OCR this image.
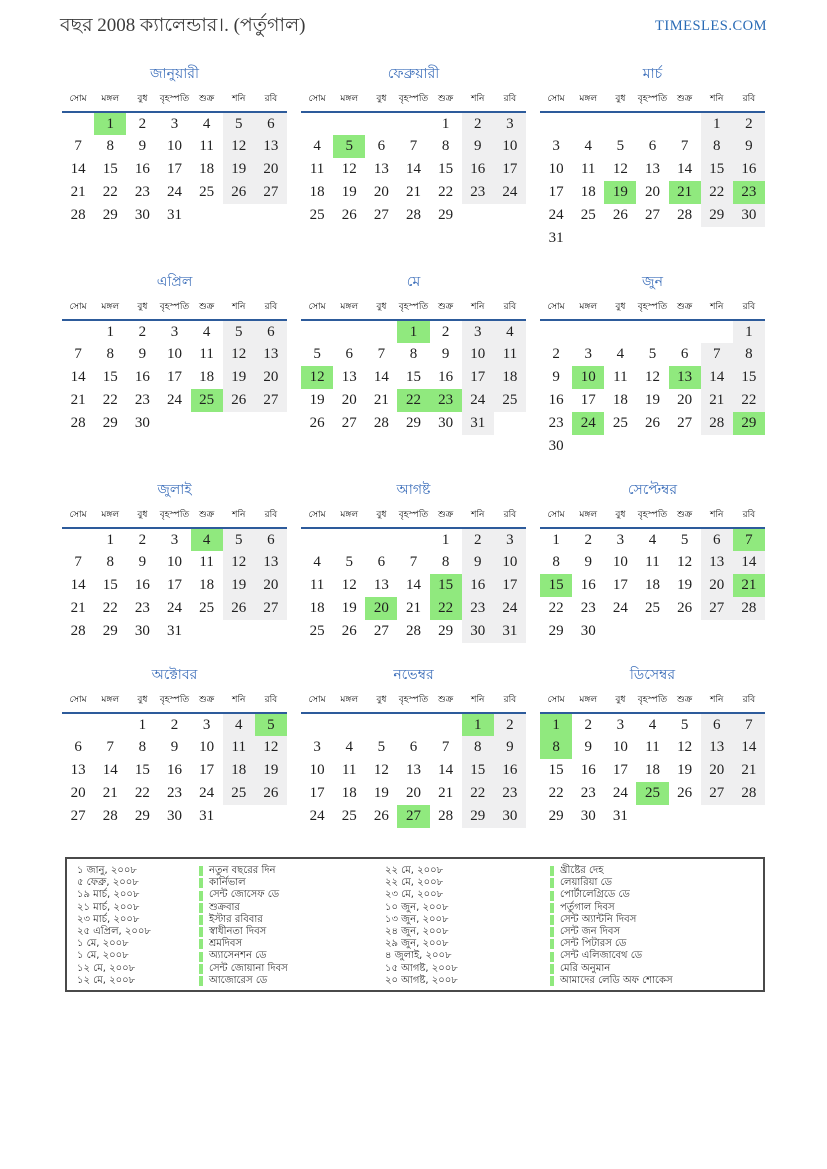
বছর 2008 ক্যালেন্ডার।. (পর্তুগাল)	TIMESLES.COM
জানুয়ারী
সোম	মঙ্গল	বুধ	বৃহস্পতি	শুক্র	শনি	রবি
	1	2	3	4	5	6
7	8	9	10	11	12	13
14	15	16	17	18	19	20
21	22	23	24	25	26	27
28	29	30	31			
ফেব্রুয়ারী
সোম	মঙ্গল	বুধ	বৃহস্পতি	শুক্র	শনি	রবি
				1	2	3
4	5	6	7	8	9	10
11	12	13	14	15	16	17
18	19	20	21	22	23	24
25	26	27	28	29		
মার্চ
সোম	মঙ্গল	বুধ	বৃহস্পতি	শুক্র	শনি	রবি
					1	2
3	4	5	6	7	8	9
10	11	12	13	14	15	16
17	18	19	20	21	22	23
24	25	26	27	28	29	30
31						
এপ্রিল
সোম	মঙ্গল	বুধ	বৃহস্পতি	শুক্র	শনি	রবি
	1	2	3	4	5	6
7	8	9	10	11	12	13
14	15	16	17	18	19	20
21	22	23	24	25	26	27
28	29	30				
মে
সোম	মঙ্গল	বুধ	বৃহস্পতি	শুক্র	শনি	রবি
			1	2	3	4
5	6	7	8	9	10	11
12	13	14	15	16	17	18
19	20	21	22	23	24	25
26	27	28	29	30	31	
জুন
সোম	মঙ্গল	বুধ	বৃহস্পতি	শুক্র	শনি	রবি
						1
2	3	4	5	6	7	8
9	10	11	12	13	14	15
16	17	18	19	20	21	22
23	24	25	26	27	28	29
30						
জুলাই
সোম	মঙ্গল	বুধ	বৃহস্পতি	শুক্র	শনি	রবি
	1	2	3	4	5	6
7	8	9	10	11	12	13
14	15	16	17	18	19	20
21	22	23	24	25	26	27
28	29	30	31			
আগষ্ট
সোম	মঙ্গল	বুধ	বৃহস্পতি	শুক্র	শনি	রবি
				1	2	3
4	5	6	7	8	9	10
11	12	13	14	15	16	17
18	19	20	21	22	23	24
25	26	27	28	29	30	31
সেপ্টেম্বর
সোম	মঙ্গল	বুধ	বৃহস্পতি	শুক্র	শনি	রবি
1	2	3	4	5	6	7
8	9	10	11	12	13	14
15	16	17	18	19	20	21
22	23	24	25	26	27	28
29	30					
অক্টোবর
সোম	মঙ্গল	বুধ	বৃহস্পতি	শুক্র	শনি	রবি
		1	2	3	4	5
6	7	8	9	10	11	12
13	14	15	16	17	18	19
20	21	22	23	24	25	26
27	28	29	30	31		
নভেম্বর
সোম	মঙ্গল	বুধ	বৃহস্পতি	শুক্র	শনি	রবি
					1	2
3	4	5	6	7	8	9
10	11	12	13	14	15	16
17	18	19	20	21	22	23
24	25	26	27	28	29	30
ডিসেম্বর
সোম	মঙ্গল	বুধ	বৃহস্পতি	শুক্র	শনি	রবি
1	2	3	4	5	6	7
8	9	10	11	12	13	14
15	16	17	18	19	20	21
22	23	24	25	26	27	28
29	30	31				
১ জানু, ২০০৮	নতুন বছরের দিন	২২ মে, ২০০৮	খ্রীষ্টের দেহ
৫ ফেব্রু, ২০০৮	কার্নিভাল	২২ মে, ২০০৮	লেয়ারিয়া ডে
১৯ মার্চ, ২০০৮	সেন্ট জোসেফ ডে	২৩ মে, ২০০৮	পোর্টালেগ্রিডে ডে
২১ মার্চ, ২০০৮	শুক্রবার	১০ জুন, ২০০৮	পর্তুগাল দিবস
২৩ মার্চ, ২০০৮	ইস্টার রবিবার	১৩ জুন, ২০০৮	সেন্ট অ্যান্টনি দিবস
২৫ এপ্রিল, ২০০৮	স্বাধীনতা দিবস	২৪ জুন, ২০০৮	সেন্ট জন দিবস
১ মে, ২০০৮	শ্রমদিবস	২৯ জুন, ২০০৮	সেন্ট পিটারস ডে
১ মে, ২০০৮	অ্যাসেনশন ডে	৪ জুলাই, ২০০৮	সেন্ট এলিজাবেথ ডে
১২ মে, ২০০৮	সেন্ট জোয়ানা দিবস	১৫ আগষ্ট, ২০০৮	মেরি অনুমান
১২ মে, ২০০৮	আজোরেস ডে	২০ আগষ্ট, ২০০৮	আমাদের লেডি অফ শোকেস
